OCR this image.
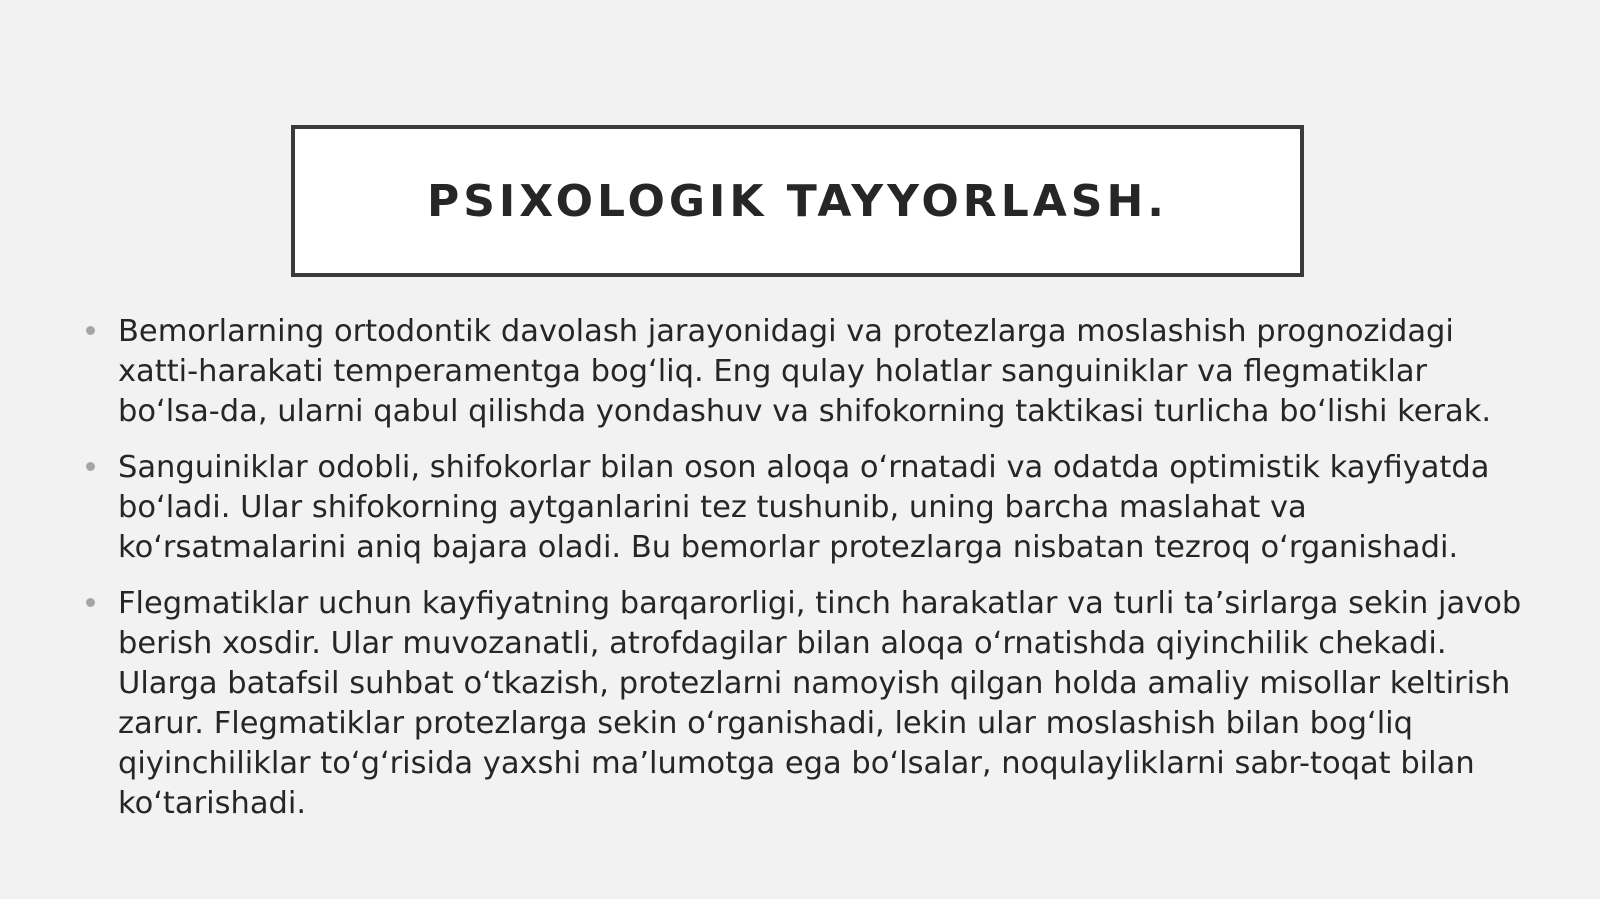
PSIXOLOGIK TAYYORLASH.
Bemorlarning ortodontik davolash jarayonidagi va protezlarga moslashish prognozidagi xatti-harakati temperamentga bog‘liq. Eng qulay holatlar sanguiniklar va flegmatiklar bo‘lsa-da, ularni qabul qilishda yondashuv va shifokorning taktikasi turlicha bo‘lishi kerak.
Sanguiniklar odobli, shifokorlar bilan oson aloqa o‘rnatadi va odatda optimistik kayfiyatda bo‘ladi. Ular shifokorning aytganlarini tez tushunib, uning barcha maslahat va ko‘rsatmalarini aniq bajara oladi. Bu bemorlar protezlarga nisbatan tezroq o‘rganishadi.
Flegmatiklar uchun kayfiyatning barqarorligi, tinch harakatlar va turli ta’sirlarga sekin javob berish xosdir. Ular muvozanatli, atrofdagilar bilan aloqa o‘rnatishda qiyinchilik chekadi. Ularga batafsil suhbat o‘tkazish, protezlarni namoyish qilgan holda amaliy misollar keltirish zarur. Flegmatiklar protezlarga sekin o‘rganishadi, lekin ular moslashish bilan bog‘liq qiyinchiliklar to‘g‘risida yaxshi ma’lumotga ega bo‘lsalar, noqulayliklarni sabr-toqat bilan ko‘tarishadi.
